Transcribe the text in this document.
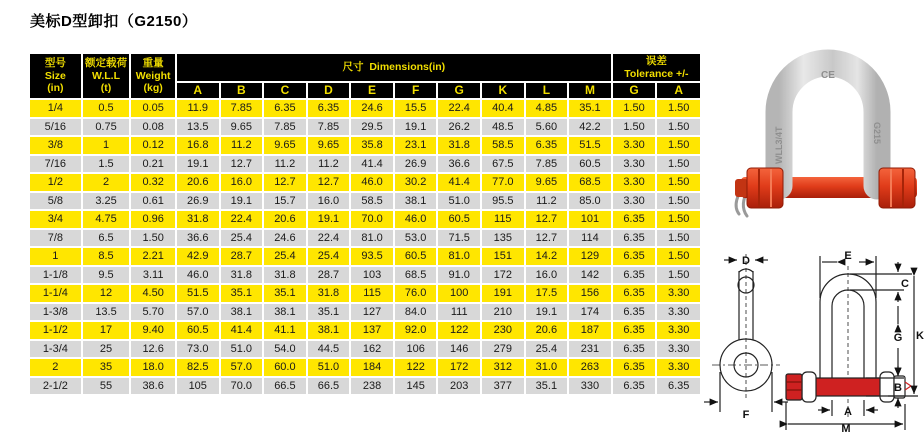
美标D型卸扣（G2150）
型号
Size
(in)	额定载荷
W.L.L
(t)	重量
Weight
(kg)	尺寸 Dimensions(in)										误差
Tolerance +/-	

			A	B	C	D	E	F	G	K	L	M	G	A
1/4	0.5	0.05	11.9	7.85	6.35	6.35	24.6	15.5	22.4	40.4	4.85	35.1	1.50	1.50
5/16	0.75	0.08	13.5	9.65	7.85	7.85	29.5	19.1	26.2	48.5	5.60	42.2	1.50	1.50
3/8	1	0.12	16.8	11.2	9.65	9.65	35.8	23.1	31.8	58.5	6.35	51.5	3.30	1.50
7/16	1.5	0.21	19.1	12.7	11.2	11.2	41.4	26.9	36.6	67.5	7.85	60.5	3.30	1.50
1/2	2	0.32	20.6	16.0	12.7	12.7	46.0	30.2	41.4	77.0	9.65	68.5	3.30	1.50
5/8	3.25	0.61	26.9	19.1	15.7	16.0	58.5	38.1	51.0	95.5	11.2	85.0	3.30	1.50
3/4	4.75	0.96	31.8	22.4	20.6	19.1	70.0	46.0	60.5	115	12.7	101	6.35	1.50
7/8	6.5	1.50	36.6	25.4	24.6	22.4	81.0	53.0	71.5	135	12.7	114	6.35	1.50
1	8.5	2.21	42.9	28.7	25.4	25.4	93.5	60.5	81.0	151	14.2	129	6.35	1.50
1-1/8	9.5	3.11	46.0	31.8	31.8	28.7	103	68.5	91.0	172	16.0	142	6.35	1.50
1-1/4	12	4.50	51.5	35.1	35.1	31.8	115	76.0	100	191	17.5	156	6.35	3.30
1-3/8	13.5	5.70	57.0	38.1	38.1	35.1	127	84.0	111	210	19.1	174	6.35	3.30
1-1/2	17	9.40	60.5	41.4	41.1	38.1	137	92.0	122	230	20.6	187	6.35	3.30
1-3/4	25	12.6	73.0	51.0	54.0	44.5	162	106	146	279	25.4	231	6.35	3.30
2	35	18.0	82.5	57.0	60.0	51.0	184	122	172	312	31.0	263	6.35	3.30
2-1/2	55	38.6	105	70.0	66.5	66.5	238	145	203	377	35.1	330	6.35	6.35
CE
WLL3/4T	G215
D
F
E
C
G K
B
A
M
